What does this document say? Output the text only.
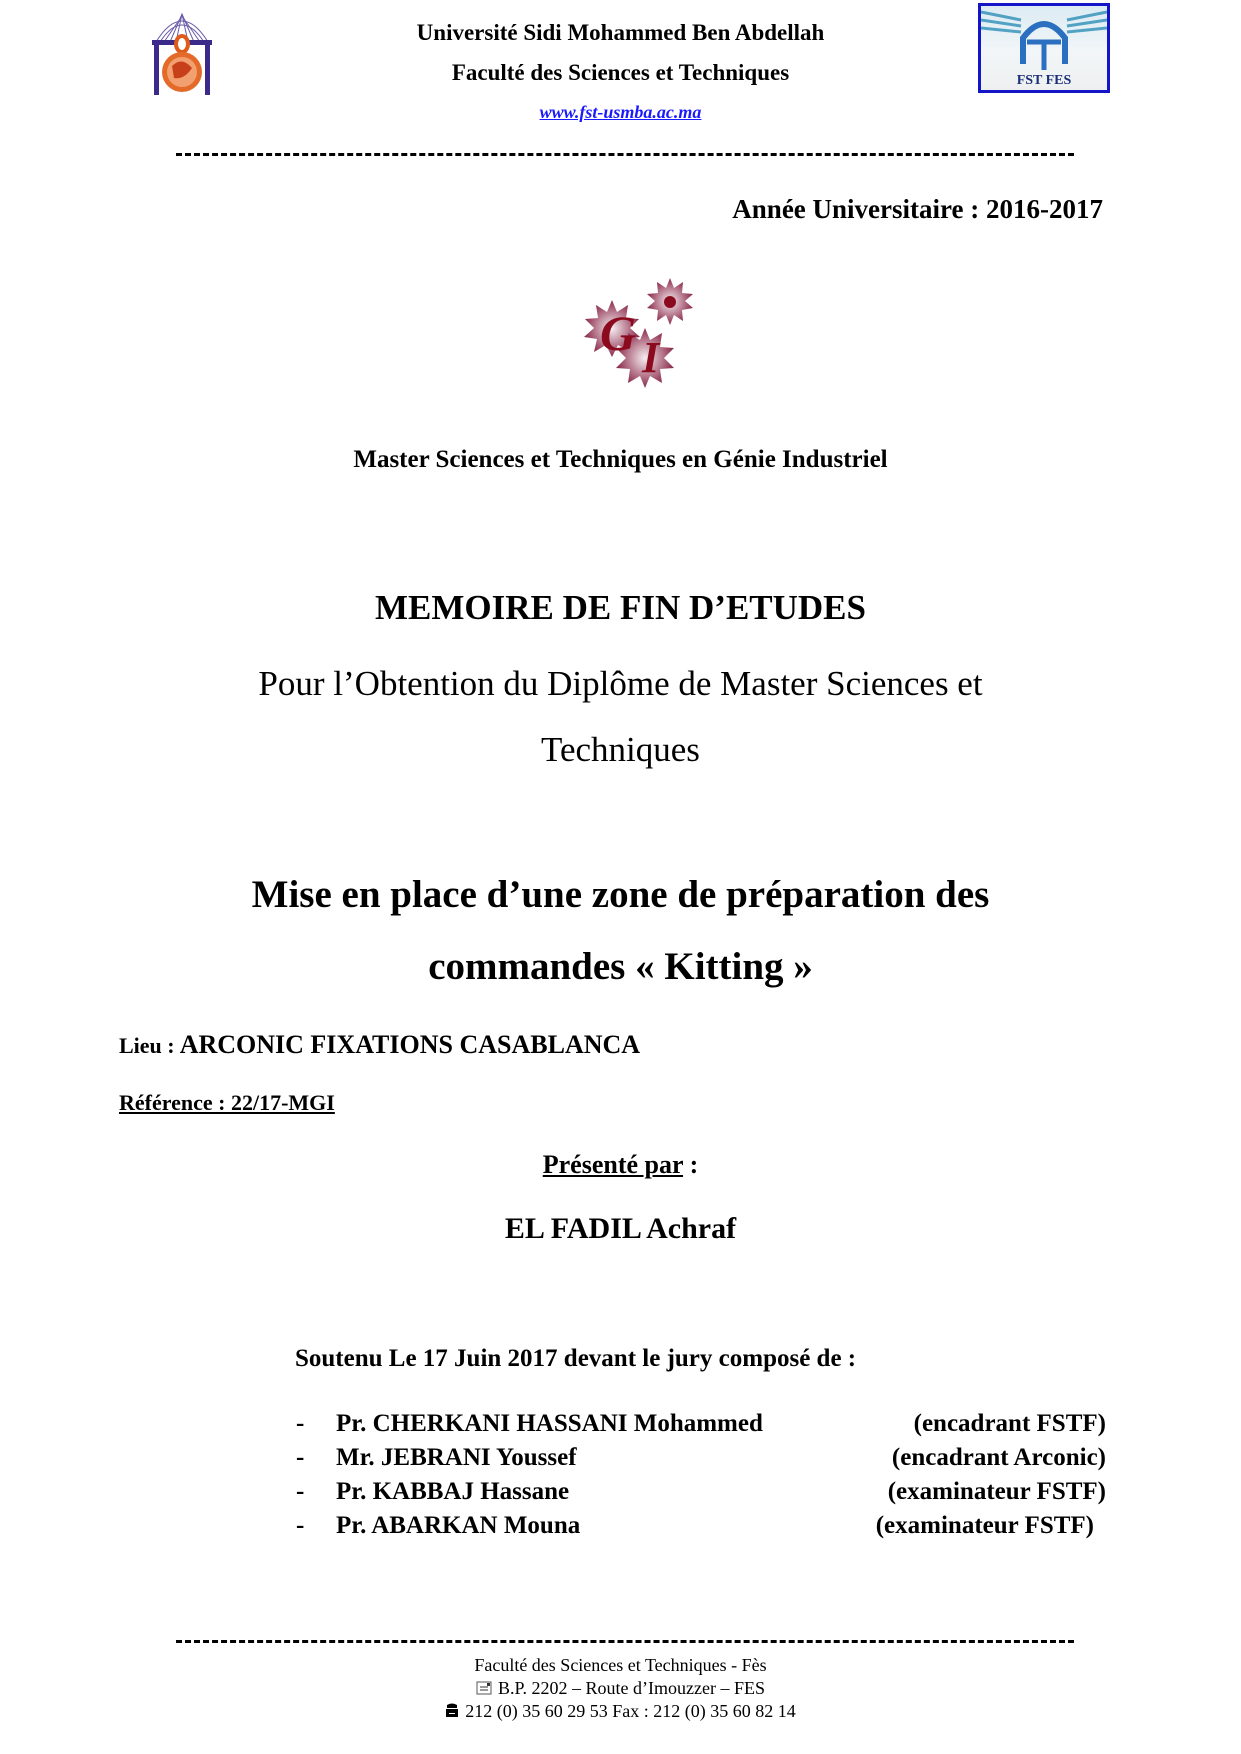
Université Sidi Mohammed Ben Abdellah
Faculté des Sciences et Techniques
www.fst-usmba.ac.ma
FST FES
Année Universitaire : 2016-2017
G I
Master Sciences et Techniques en Génie Industriel
MEMOIRE DE FIN D’ETUDES
Pour l’Obtention du Diplôme de Master Sciences et
Techniques
Mise en place d’une zone de préparation des
commandes « Kitting »
Lieu : ARCONIC FIXATIONS CASABLANCA
Référence : 22/17-MGI
Présenté par :
EL FADIL Achraf
Soutenu Le 17 Juin 2017 devant le jury composé de :
- Pr. CHERKANI HASSANI Mohammed	(encadrant FSTF)
- Mr. JEBRANI Youssef	(encadrant Arconic)
- Pr. KABBAJ Hassane	(examinateur FSTF)
- Pr. ABARKAN Mouna	(examinateur FSTF)
Faculté des Sciences et Techniques - Fès
B.P. 2202 – Route d’Imouzzer – FES
212 (0) 35 60 29 53 Fax : 212 (0) 35 60 82 14
